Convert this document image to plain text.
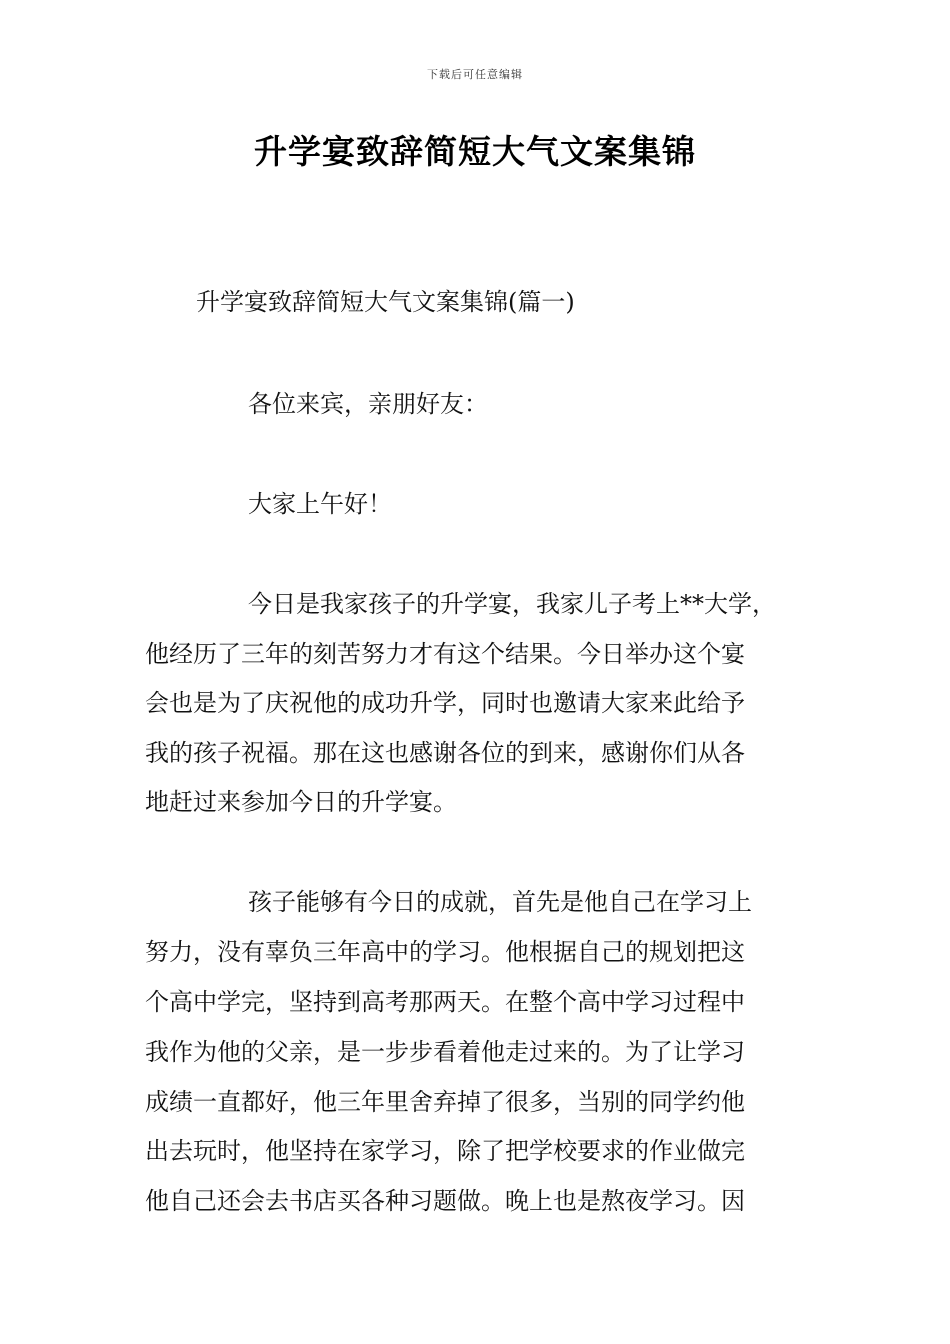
下载后可任意编辑
升学宴致辞简短大气文案集锦
升学宴致辞简短大气文案集锦(篇一)

各位来宾，亲朋好友：

大家上午好！

今日是我家孩子的升学宴，我家儿子考上**大学，

他经历了三年的刻苦努力才有这个结果。今日举办这个宴

会也是为了庆祝他的成功升学，同时也邀请大家来此给予

我的孩子祝福。那在这也感谢各位的到来，感谢你们从各

地赶过来参加今日的升学宴。

孩子能够有今日的成就，首先是他自己在学习上

努力，没有辜负三年高中的学习。他根据自己的规划把这

个高中学完，坚持到高考那两天。在整个高中学习过程中

我作为他的父亲，是一步步看着他走过来的。为了让学习

成绩一直都好，他三年里舍弃掉了很多，当别的同学约他

出去玩时，他坚持在家学习，除了把学校要求的作业做完

他自己还会去书店买各种习题做。晚上也是熬夜学习。因
